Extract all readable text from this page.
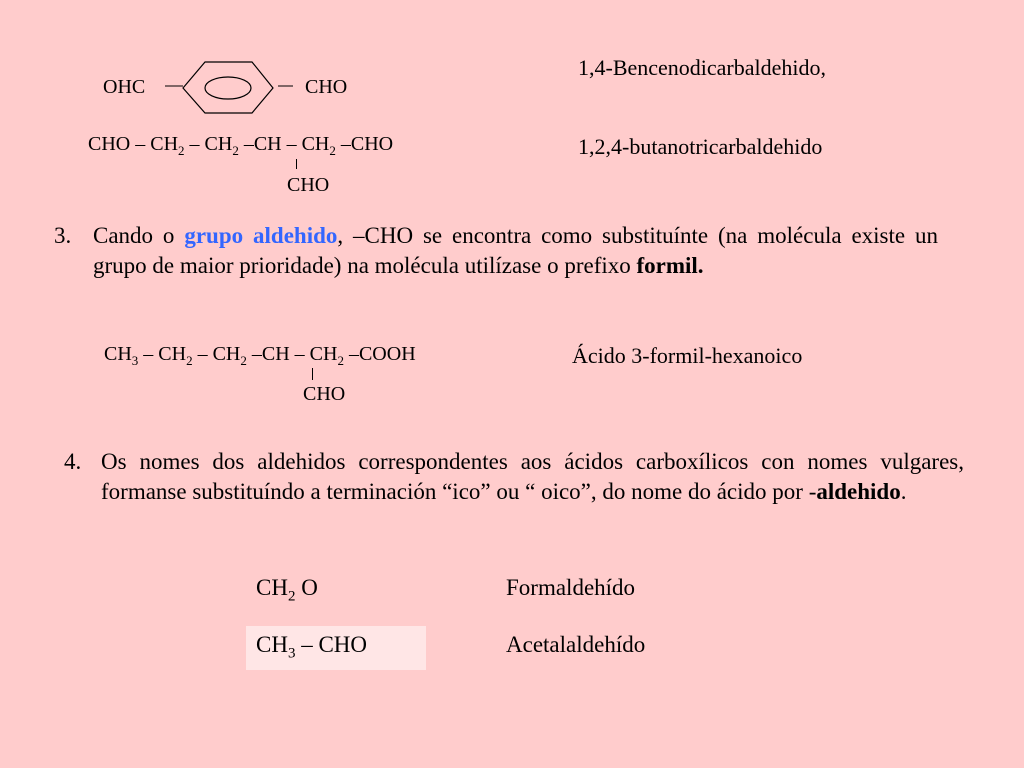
OHC	CHO
1,4-Bencenodicarbaldehido,
CHO – $CH_2 - CH_2$ $-CH - CH_2$ –CHO
CHO
1,2,4-butanotricarbaldehido
3. Cando o grupo aldehido, –CHO se encontra como substituínte (na molécula existe un grupo de maior prioridade) na molécula utilízase o prefixo formil.
$CH_3 - CH_2 - CH_2$ $-CH - CH_2$ –COOH
CHO
Ácido 3-formil-hexanoico
4. Os nomes dos aldehidos correspondentes aos ácidos carboxílicos con nomes vulgares, formanse substituíndo a terminación “ico” ou “ oico”, do nome do ácido por -aldehido.
$CH_2$ O	Formaldehído
$CH_3$ – CHO	Acetalaldehído
